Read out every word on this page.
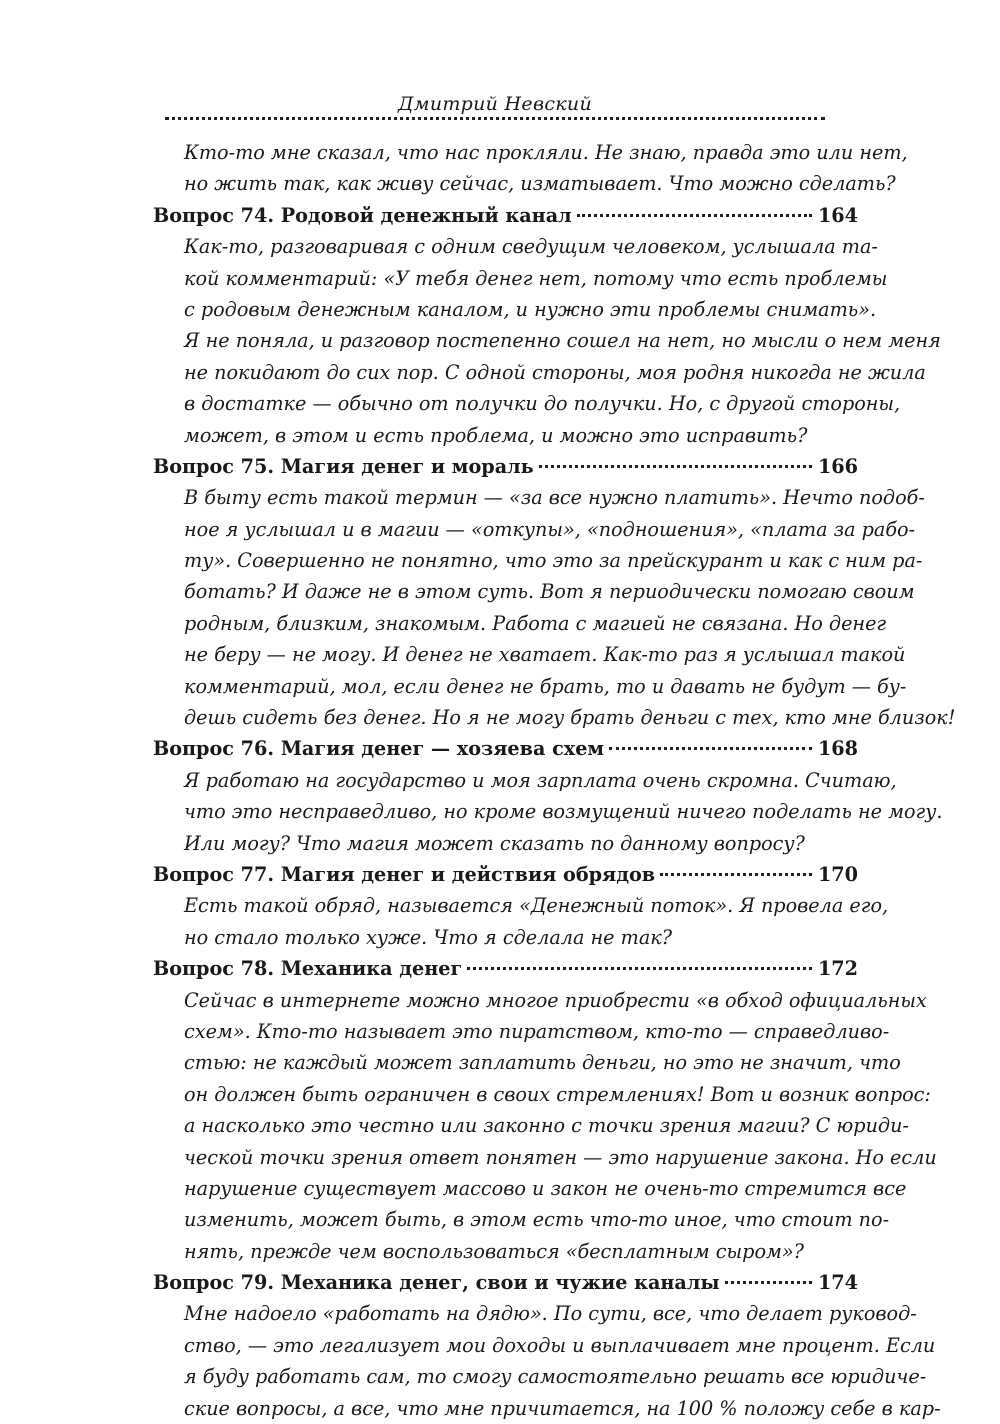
Дмитрий Невский
Кто-то мне сказал, что нас прокляли. Не знаю, правда это или нет,
но жить так, как живу сейчас, изматывает. Что можно сделать?
Вопрос 74. Родовой денежный канал	164
Как-то, разговаривая с одним сведущим человеком, услышала та-
кой комментарий: «У тебя денег нет, потому что есть проблемы
с родовым денежным каналом, и нужно эти проблемы снимать».
Я не поняла, и разговор постепенно сошел на нет, но мысли о нем меня
не покидают до сих пор. С одной стороны, моя родня никогда не жила
в достатке — обычно от получки до получки. Но, с другой стороны,
может, в этом и есть проблема, и можно это исправить?
Вопрос 75. Магия денег и мораль	166
В быту есть такой термин — «за все нужно платить». Нечто подоб-
ное я услышал и в магии — «откупы», «подношения», «плата за рабо-
ту». Совершенно не понятно, что это за прейскурант и как с ним ра-
ботать? И даже не в этом суть. Вот я периодически помогаю своим
родным, близким, знакомым. Работа с магией не связана. Но денег
не беру — не могу. И денег не хватает. Как-то раз я услышал такой
комментарий, мол, если денег не брать, то и давать не будут — бу-
дешь сидеть без денег. Но я не могу брать деньги с тех, кто мне близок!
Вопрос 76. Магия денег — хозяева схем	168
Я работаю на государство и моя зарплата очень скромна. Считаю,
что это несправедливо, но кроме возмущений ничего поделать не могу.
Или могу? Что магия может сказать по данному вопросу?
Вопрос 77. Магия денег и действия обрядов	170
Есть такой обряд, называется «Денежный поток». Я провела его,
но стало только хуже. Что я сделала не так?
Вопрос 78. Механика денег	172
Сейчас в интернете можно многое приобрести «в обход официальных
схем». Кто-то называет это пиратством, кто-то — справедливо-
стью: не каждый может заплатить деньги, но это не значит, что
он должен быть ограничен в своих стремлениях! Вот и возник вопрос:
а насколько это честно или законно с точки зрения магии? С юриди-
ческой точки зрения ответ понятен — это нарушение закона. Но если
нарушение существует массово и закон не очень-то стремится все
изменить, может быть, в этом есть что-то иное, что стоит по-
нять, прежде чем воспользоваться «бесплатным сыром»?
Вопрос 79. Механика денег, свои и чужие каналы	174
Мне надоело «работать на дядю». По сути, все, что делает руковод-
ство, — это легализует мои доходы и выплачивает мне процент. Если
я буду работать сам, то смогу самостоятельно решать все юридиче-
ские вопросы, а все, что мне причитается, на 100 % положу себе в кар-
